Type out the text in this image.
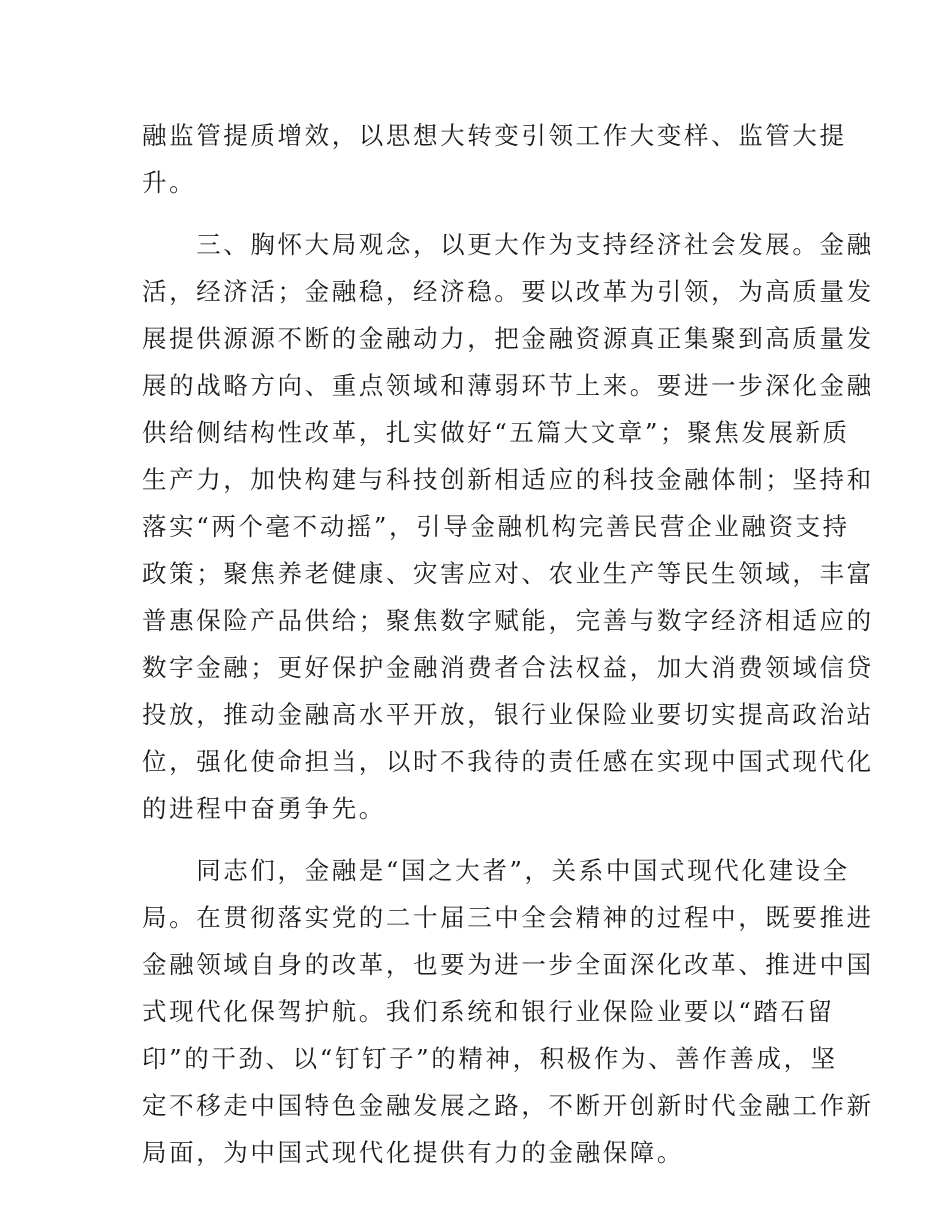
融监管提质增效，以思想大转变引领工作大变样、监管大提
升。
　　三、胸怀大局观念，以更大作为支持经济社会发展。金融
活，经济活；金融稳，经济稳。要以改革为引领，为高质量发
展提供源源不断的金融动力，把金融资源真正集聚到高质量发
展的战略方向、重点领域和薄弱环节上来。要进一步深化金融
供给侧结构性改革，扎实做好“五篇大文章”；聚焦发展新质
生产力，加快构建与科技创新相适应的科技金融体制；坚持和
落实“两个毫不动摇”，引导金融机构完善民营企业融资支持
政策；聚焦养老健康、灾害应对、农业生产等民生领域，丰富
普惠保险产品供给；聚焦数字赋能，完善与数字经济相适应的
数字金融；更好保护金融消费者合法权益，加大消费领域信贷
投放，推动金融高水平开放，银行业保险业要切实提高政治站
位，强化使命担当，以时不我待的责任感在实现中国式现代化
的进程中奋勇争先。
　　同志们，金融是“国之大者”，关系中国式现代化建设全
局。在贯彻落实党的二十届三中全会精神的过程中，既要推进
金融领域自身的改革，也要为进一步全面深化改革、推进中国
式现代化保驾护航。我们系统和银行业保险业要以“踏石留
印”的干劲、以“钉钉子”的精神，积极作为、善作善成，坚
定不移走中国特色金融发展之路，不断开创新时代金融工作新
局面，为中国式现代化提供有力的金融保障。
